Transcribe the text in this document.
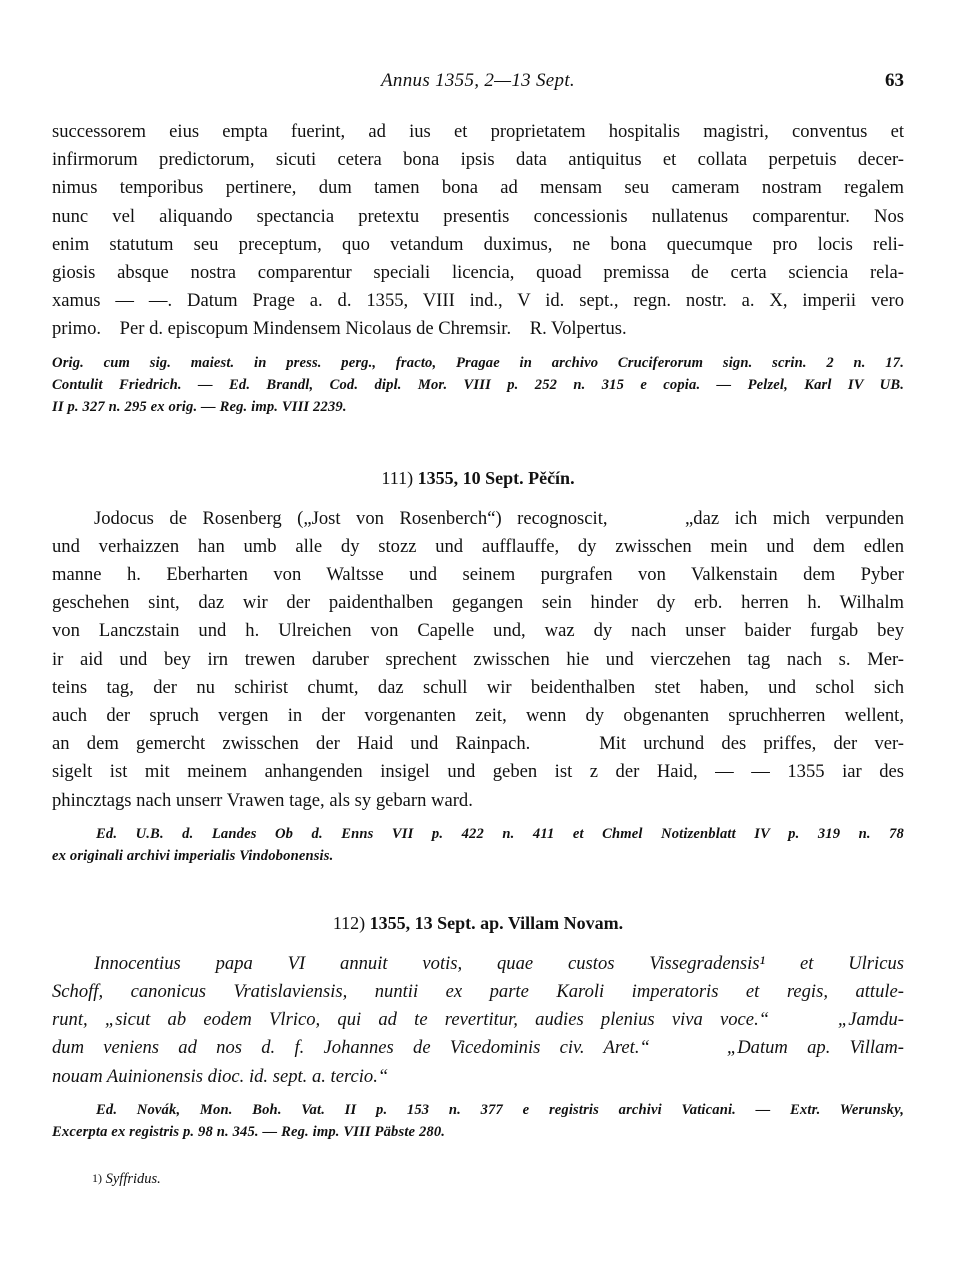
Annus 1355, 2—13 Sept.	63
successorem eius empta fuerint, ad ius et proprietatem hospitalis magistri, conventus et
infirmorum predictorum, sicuti cetera bona ipsis data antiquitus et collata perpetuis decer-
nimus temporibus pertinere, dum tamen bona ad mensam seu cameram nostram regalem
nunc vel aliquando spectancia pretextu presentis concessionis nullatenus comparentur. Nos
enim statutum seu preceptum, quo vetandum duximus, ne bona quecumque pro locis reli-
giosis absque nostra comparentur speciali licencia, quoad premissa de certa sciencia rela-
xamus — —. Datum Prage a. d. 1355, VIII ind., V id. sept., regn. nostr. a. X, imperii vero
primo.    Per d. episcopum Mindensem Nicolaus de Chremsir.    R. Volpertus.
Orig. cum sig. maiest. in press. perg., fracto, Pragae in archivo Cruciferorum sign. scrin. 2 n. 17.
Contulit Friedrich. — Ed. Brandl, Cod. dipl. Mor. VIII p. 252 n. 315 e copia. — Pelzel, Karl IV UB.
II p. 327 n. 295 ex orig. — Reg. imp. VIII 2239.

111) 1355, 10 Sept. Pěčín.

Jodocus de Rosenberg („Jost von Rosenberch“) recognoscit,     „daz ich mich verpunden
und verhaizzen han umb alle dy stozz und aufflauffe, dy zwisschen mein und dem edlen
manne h. Eberharten von Waltsse und seinem purgrafen von Valkenstain dem Pyber
geschehen sint, daz wir der paidenthalben gegangen sein hinder dy erb. herren h. Wilhalm
von Lanczstain und h. Ulreichen von Capelle und, waz dy nach unser baider furgab bey
ir aid und bey irn trewen daruber sprechent zwisschen hie und vierczehen tag nach s. Mer-
teins tag, der nu schirist chumt, daz schull wir beidenthalben stet haben, und schol sich
auch der spruch vergen in der vorgenanten zeit, wenn dy obgenanten spruchherren wellent,
an dem gemercht zwisschen der Haid und Rainpach.    Mit urchund des priffes, der ver-
sigelt ist mit meinem anhangenden insigel und geben ist z der Haid, — — 1355 iar des
phincztags nach unserr Vrawen tage, als sy gebarn ward.
Ed. U.B. d. Landes Ob d. Enns VII p. 422 n. 411 et Chmel Notizenblatt IV p. 319 n. 78
ex originali archivi imperialis Vindobonensis.

112) 1355, 13 Sept. ap. Villam Novam.

Innocentius papa VI annuit votis, quae custos Vissegradensis¹ et Ulricus
Schoff, canonicus Vratislaviensis, nuntii ex parte Karoli imperatoris et regis, attule-
runt, „sicut ab eodem Vlrico, qui ad te revertitur, audies plenius viva voce.“    „Jamdu-
dum veniens ad nos d. f. Johannes de Vicedominis civ. Aret.“    „Datum ap. Villam-
nouam Auinionensis dioc. id. sept. a. tercio.“
Ed. Novák, Mon. Boh. Vat. II p. 153 n. 377 e registris archivi Vaticani. — Extr. Werunsky,
Excerpta ex registris p. 98 n. 345. — Reg. imp. VIII Päbste 280.
$^{1)}$ Syffridus.
